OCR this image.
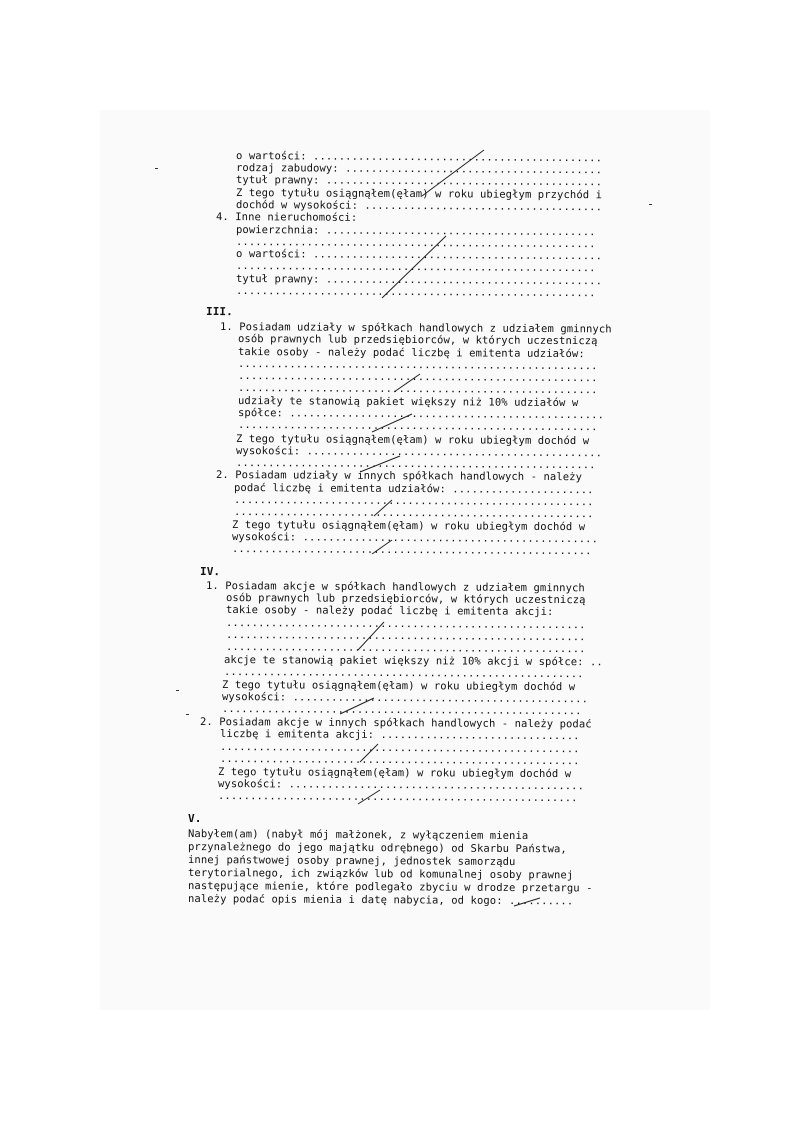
o wartości: .............................................
rodzaj zabudowy: ........................................
tytuł prawny: ...........................................
Z tego tytułu osiągnąłem(ęłam) w roku ubiegłym przychód i
dochód w wysokości: .....................................
4. Inne nieruchomości:
powierzchnia: ..........................................
........................................................
o wartości: .............................................
........................................................
tytuł prawny: ...........................................
........................................................
III.
1. Posiadam udziały w spółkach handlowych z udziałem gminnych
osób prawnych lub przedsiębiorców, w których uczestniczą
takie osoby - należy podać liczbę i emitenta udziałów:
........................................................
........................................................
........................................................
udziały te stanowią pakiet większy niż 10% udziałów w
spółce: .................................................
........................................................
Z tego tytułu osiągnąłem(ęłam) w roku ubiegłym dochód w
wysokości: ..............................................
........................................................
2. Posiadam udziały w innych spółkach handlowych - należy
podać liczbę i emitenta udziałów: ......................
........................................................
........................................................
Z tego tytułu osiągnąłem(ęłam) w roku ubiegłym dochód w
wysokości: ..............................................
........................................................
IV.
1. Posiadam akcje w spółkach handlowych z udziałem gminnych
osób prawnych lub przedsiębiorców, w których uczestniczą
takie osoby - należy podać liczbę i emitenta akcji:
........................................................
........................................................
........................................................
akcje te stanowią pakiet większy niż 10% akcji w spółce: ..
........................................................
Z tego tytułu osiągnąłem(ęłam) w roku ubiegłym dochód w
wysokości: ..............................................
........................................................
2. Posiadam akcje w innych spółkach handlowych - należy podać
liczbę i emitenta akcji: ...............................
........................................................
........................................................
Z tego tytułu osiągnąłem(ęłam) w roku ubiegłym dochód w
wysokości: ..............................................
........................................................
V.
Nabyłem(am) (nabył mój małżonek, z wyłączeniem mienia
przynależnego do jego majątku odrębnego) od Skarbu Państwa,
innej państwowej osoby prawnej, jednostek samorządu
terytorialnego, ich związków lub od komunalnej osoby prawnej
następujące mienie, które podlegało zbyciu w drodze przetargu -
należy podać opis mienia i datę nabycia, od kogo: ..........
